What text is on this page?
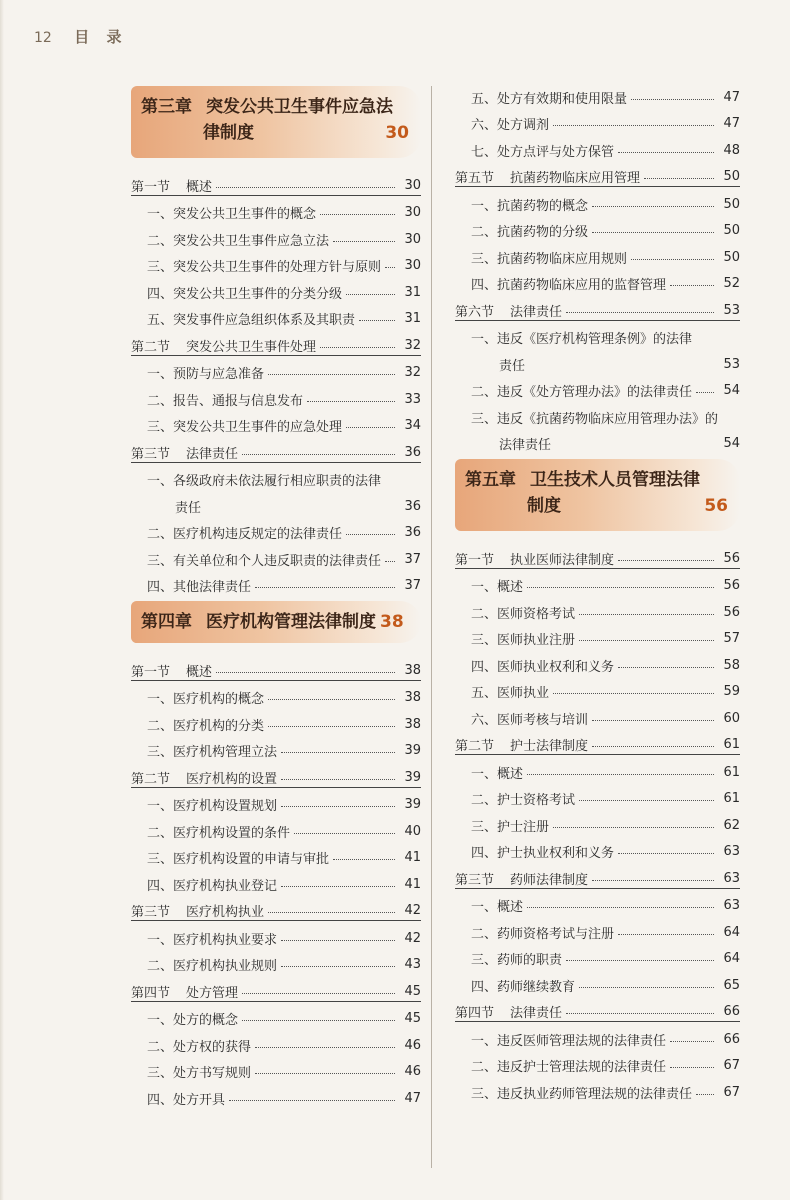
12 目 录
第三章 突发公共卫生事件应急法
律制度	30
第一节 概述	30
一、突发公共卫生事件的概念	30
二、突发公共卫生事件应急立法	30
三、突发公共卫生事件的处理方针与原则	30
四、突发公共卫生事件的分类分级	31
五、突发事件应急组织体系及其职责	31
第二节 突发公共卫生事件处理	32
一、预防与应急准备	32
二、报告、通报与信息发布	33
三、突发公共卫生事件的应急处理	34
第三节 法律责任	36
一、各级政府未依法履行相应职责的法律
责任	36
二、医疗机构违反规定的法律责任	36
三、有关单位和个人违反职责的法律责任	37
四、其他法律责任	37
第四章 医疗机构管理法律制度 38
第一节 概述	38
一、医疗机构的概念	38
二、医疗机构的分类	38
三、医疗机构管理立法	39
第二节 医疗机构的设置	39
一、医疗机构设置规划	39
二、医疗机构设置的条件	40
三、医疗机构设置的申请与审批	41
四、医疗机构执业登记	41
第三节 医疗机构执业	42
一、医疗机构执业要求	42
二、医疗机构执业规则	43
第四节 处方管理	45
一、处方的概念	45
二、处方权的获得	46
三、处方书写规则	46
四、处方开具	47
五、处方有效期和使用限量	47
六、处方调剂	47
七、处方点评与处方保管	48
第五节 抗菌药物临床应用管理	50
一、抗菌药物的概念	50
二、抗菌药物的分级	50
三、抗菌药物临床应用规则	50
四、抗菌药物临床应用的监督管理	52
第六节 法律责任	53
一、违反《医疗机构管理条例》的法律
责任	53
二、违反《处方管理办法》的法律责任	54
三、违反《抗菌药物临床应用管理办法》的
法律责任	54
第五章 卫生技术人员管理法律
制度	56
第一节 执业医师法律制度	56
一、概述	56
二、医师资格考试	56
三、医师执业注册	57
四、医师执业权利和义务	58
五、医师执业	59
六、医师考核与培训	60
第二节 护士法律制度	61
一、概述	61
二、护士资格考试	61
三、护士注册	62
四、护士执业权利和义务	63
第三节 药师法律制度	63
一、概述	63
二、药师资格考试与注册	64
三、药师的职责	64
四、药师继续教育	65
第四节 法律责任	66
一、违反医师管理法规的法律责任	66
二、违反护士管理法规的法律责任	67
三、违反执业药师管理法规的法律责任	67
